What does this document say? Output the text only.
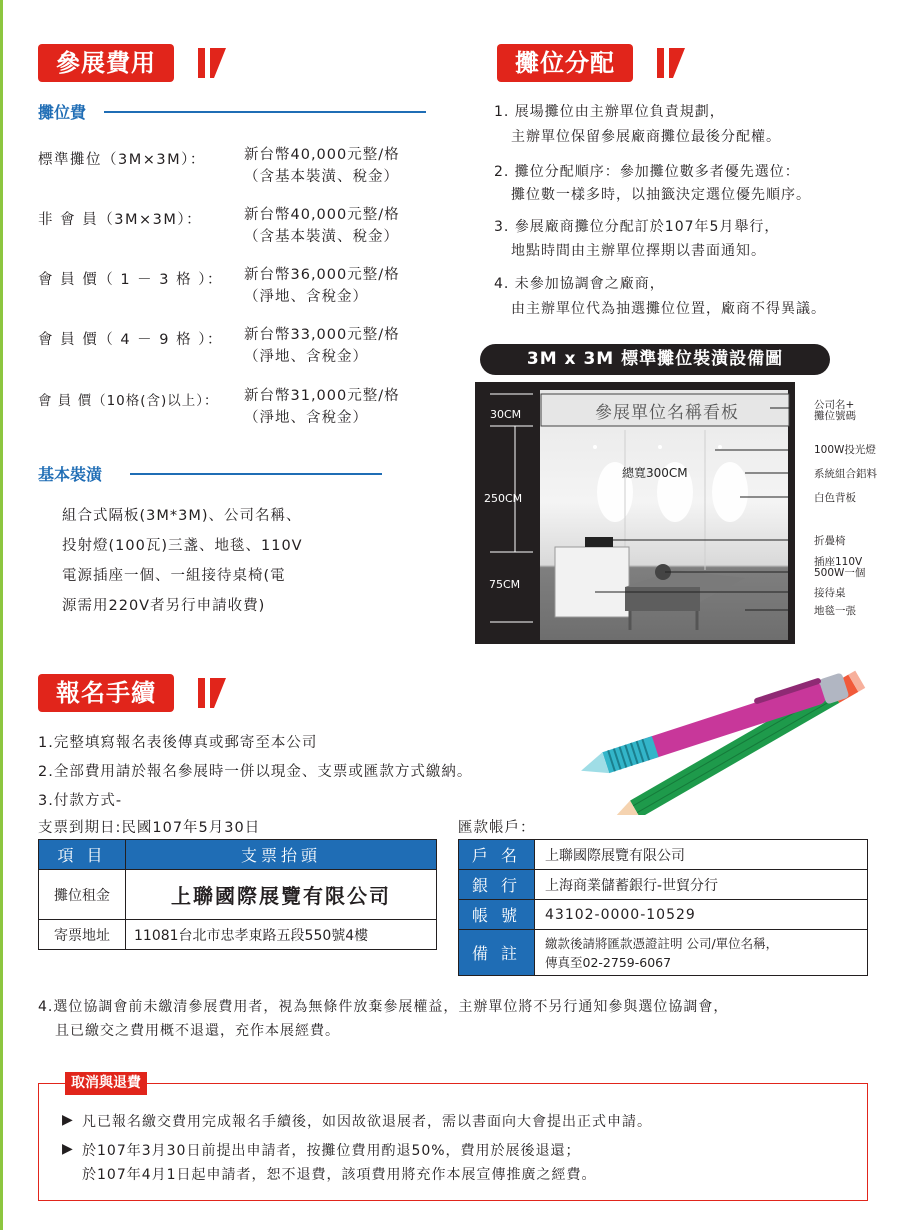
參展費用
攤位費
標準攤位（3M×3M）：	新台幣40,000元整/格
（含基本裝潢、稅金）
非 會 員（3M×3M）：	新台幣40,000元整/格
（含基本裝潢、稅金）
會 員 價（ 1 － 3 格 ）： 新台幣36,000元整/格
（淨地、含稅金）
會 員 價（ 4 － 9 格 ）： 新台幣33,000元整/格
（淨地、含稅金）
會 員 價（10格(含)以上）： 新台幣31,000元整/格
（淨地、含稅金）
基本裝潢
組合式隔板(3M*3M)、公司名稱、
投射燈(100瓦)三盞、地毯、110V
電源插座一個、一組接待桌椅(電
源需用220V者另行申請收費)
攤位分配
1. 展場攤位由主辦單位負責規劃，
主辦單位保留參展廠商攤位最後分配權。
2. 攤位分配順序：參加攤位數多者優先選位：
攤位數一樣多時，以抽籤決定選位優先順序。
3. 參展廠商攤位分配訂於107年5月舉行，
地點時間由主辦單位擇期以書面通知。
4. 未參加協調會之廠商，
由主辦單位代為抽選攤位位置，廠商不得異議。
3M x 3M 標準攤位裝潢設備圖
參展單位名稱看板
總寬300CM
30CM
250CM
75CM
公司名+
攤位號碼
100W投光燈
系統組合鋁料
白色背板
折疊椅
插座110V
500W一個
接待桌
地毯一張
報名手續
1.完整填寫報名表後傳真或郵寄至本公司
2.全部費用請於報名參展時一併以現金、支票或匯款方式繳納。
3.付款方式-
支票到期日:民國107年5月30日	匯款帳戶：
項 目	支票抬頭
攤位租金	上聯國際展覽有限公司
寄票地址	11081台北市忠孝東路五段550號4樓
戶 名	上聯國際展覽有限公司
銀 行	上海商業儲蓄銀行-世貿分行
帳 號	43102-0000-10529
備 註	繳款後請將匯款憑證註明 公司/單位名稱，
傳真至02-2759-6067
4.選位協調會前未繳清參展費用者，視為無條件放棄參展權益，主辦單位將不另行通知參與選位協調會，
且已繳交之費用概不退還，充作本展經費。
取消與退費
▶ 凡已報名繳交費用完成報名手續後，如因故欲退展者，需以書面向大會提出正式申請。
▶ 於107年3月30日前提出申請者，按攤位費用酌退50%，費用於展後退還；
於107年4月1日起申請者，恕不退費，該項費用將充作本展宣傳推廣之經費。
